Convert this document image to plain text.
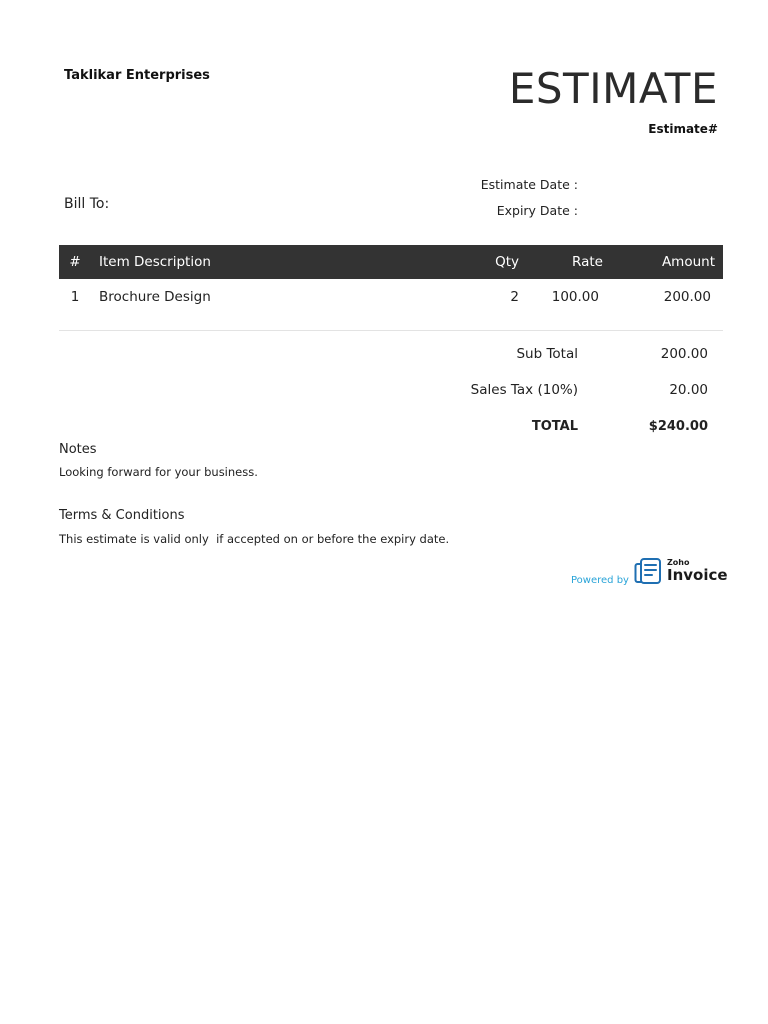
Taklikar Enterprises	ESTIMATE
Estimate#
Bill To:
Estimate Date :
Expiry Date :
#	Item Description	Qty	Rate	Amount
1	Brochure Design	2	100.00	200.00
Sub Total	200.00
Sales Tax (10%)	20.00
TOTAL	$240.00
Notes
Looking forward for your business.
Terms & Conditions
This estimate is valid only  if accepted on or before the expiry date.
Powered by
Zoho
Invoice
